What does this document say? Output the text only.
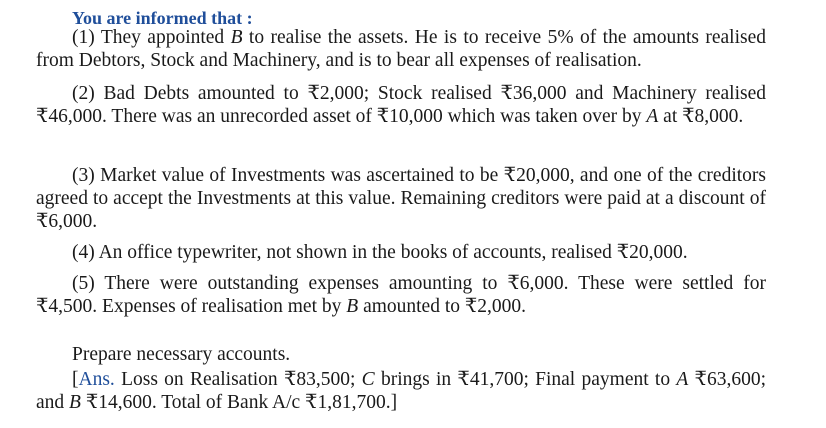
You are informed that :
(1) They appointed B to realise the assets. He is to receive 5% of the amounts realised from Debtors, Stock and Machinery, and is to bear all expenses of realisation.
(2) Bad Debts amounted to ₹2,000; Stock realised ₹36,000 and Machinery realised ₹46,000. There was an unrecorded asset of ₹10,000 which was taken over by A at ₹8,000.
(3) Market value of Investments was ascertained to be ₹20,000, and one of the creditors agreed to accept the Investments at this value. Remaining creditors were paid at a discount of ₹6,000.
(4) An office typewriter, not shown in the books of accounts, realised ₹20,000.
(5) There were outstanding expenses amounting to ₹6,000. These were settled for ₹4,500. Expenses of realisation met by B amounted to ₹2,000.
Prepare necessary accounts.
[Ans. Loss on Realisation ₹83,500; C brings in ₹41,700; Final payment to A ₹63,600; and B ₹14,600. Total of Bank A/c ₹1,81,700.]
